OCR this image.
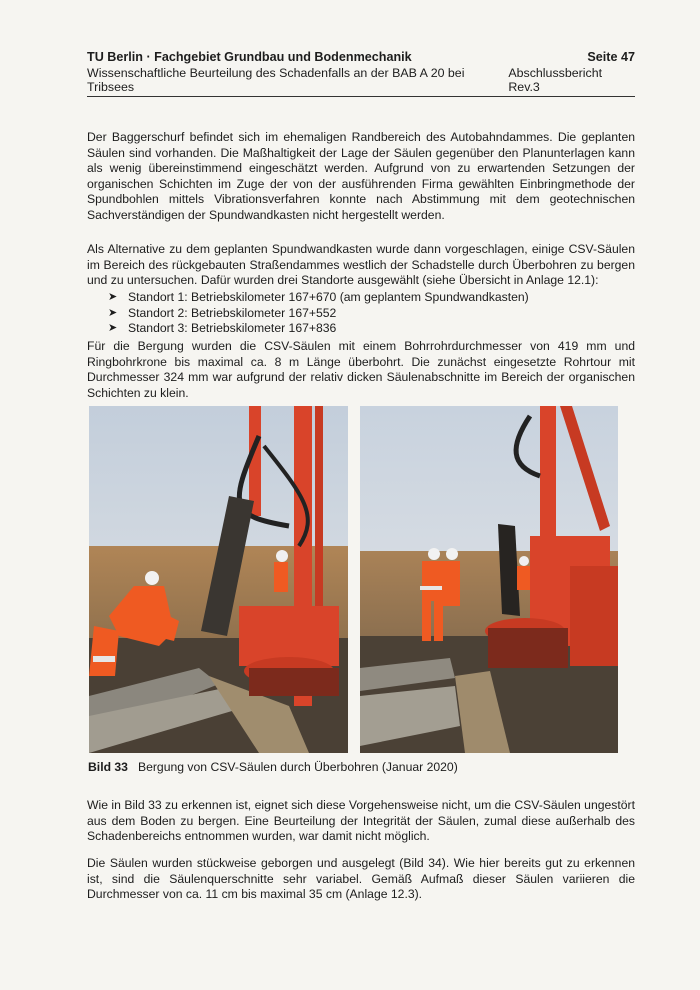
TU Berlin · Fachgebiet Grundbau und Bodenmechanik	Seite 47
Wissenschaftliche Beurteilung des Schadenfalls an der BAB A 20 bei Tribsees
Abschlussbericht Rev.3

Der Baggerschurf befindet sich im ehemaligen Randbereich des Autobahndammes. Die geplanten Säulen sind vorhanden. Die Maßhaltigkeit der Lage der Säulen gegenüber den Planunterlagen kann als wenig übereinstimmend eingeschätzt werden. Aufgrund von zu erwartenden Setzungen der organischen Schichten im Zuge der von der ausführenden Firma gewählten Einbringmethode der Spundbohlen mittels Vibrationsverfahren konnte nach Abstimmung mit dem geotechnischen Sachverständigen der Spundwandkasten nicht hergestellt werden.

Als Alternative zu dem geplanten Spundwandkasten wurde dann vorgeschlagen, einige CSV-Säulen im Bereich des rückgebauten Straßendammes westlich der Schadstelle durch Überbohren zu bergen und zu untersuchen. Dafür wurden drei Standorte ausgewählt (siehe Übersicht in Anlage 12.1):

➤ Standort 1: Betriebskilometer 167+670 (am geplantem Spundwandkasten)
➤ Standort 2: Betriebskilometer 167+552
➤ Standort 3: Betriebskilometer 167+836

Für die Bergung wurden die CSV-Säulen mit einem Bohrrohrdurchmesser von 419 mm und Ringbohrkrone bis maximal ca. 8 m Länge überbohrt. Die zunächst eingesetzte Rohrtour mit Durchmesser 324 mm war aufgrund der relativ dicken Säulenabschnitte im Bereich der organischen Schichten zu klein.

Bild 33 Bergung von CSV-Säulen durch Überbohren (Januar 2020)

Wie in Bild 33 zu erkennen ist, eignet sich diese Vorgehensweise nicht, um die CSV-Säulen ungestört aus dem Boden zu bergen. Eine Beurteilung der Integrität der Säulen, zumal diese außerhalb des Schadenbereichs entnommen wurden, war damit nicht möglich.

Die Säulen wurden stückweise geborgen und ausgelegt (Bild 34). Wie hier bereits gut zu erkennen ist, sind die Säulenquerschnitte sehr variabel. Gemäß Aufmaß dieser Säulen variieren die Durchmesser von ca. 11 cm bis maximal 35 cm (Anlage 12.3).
